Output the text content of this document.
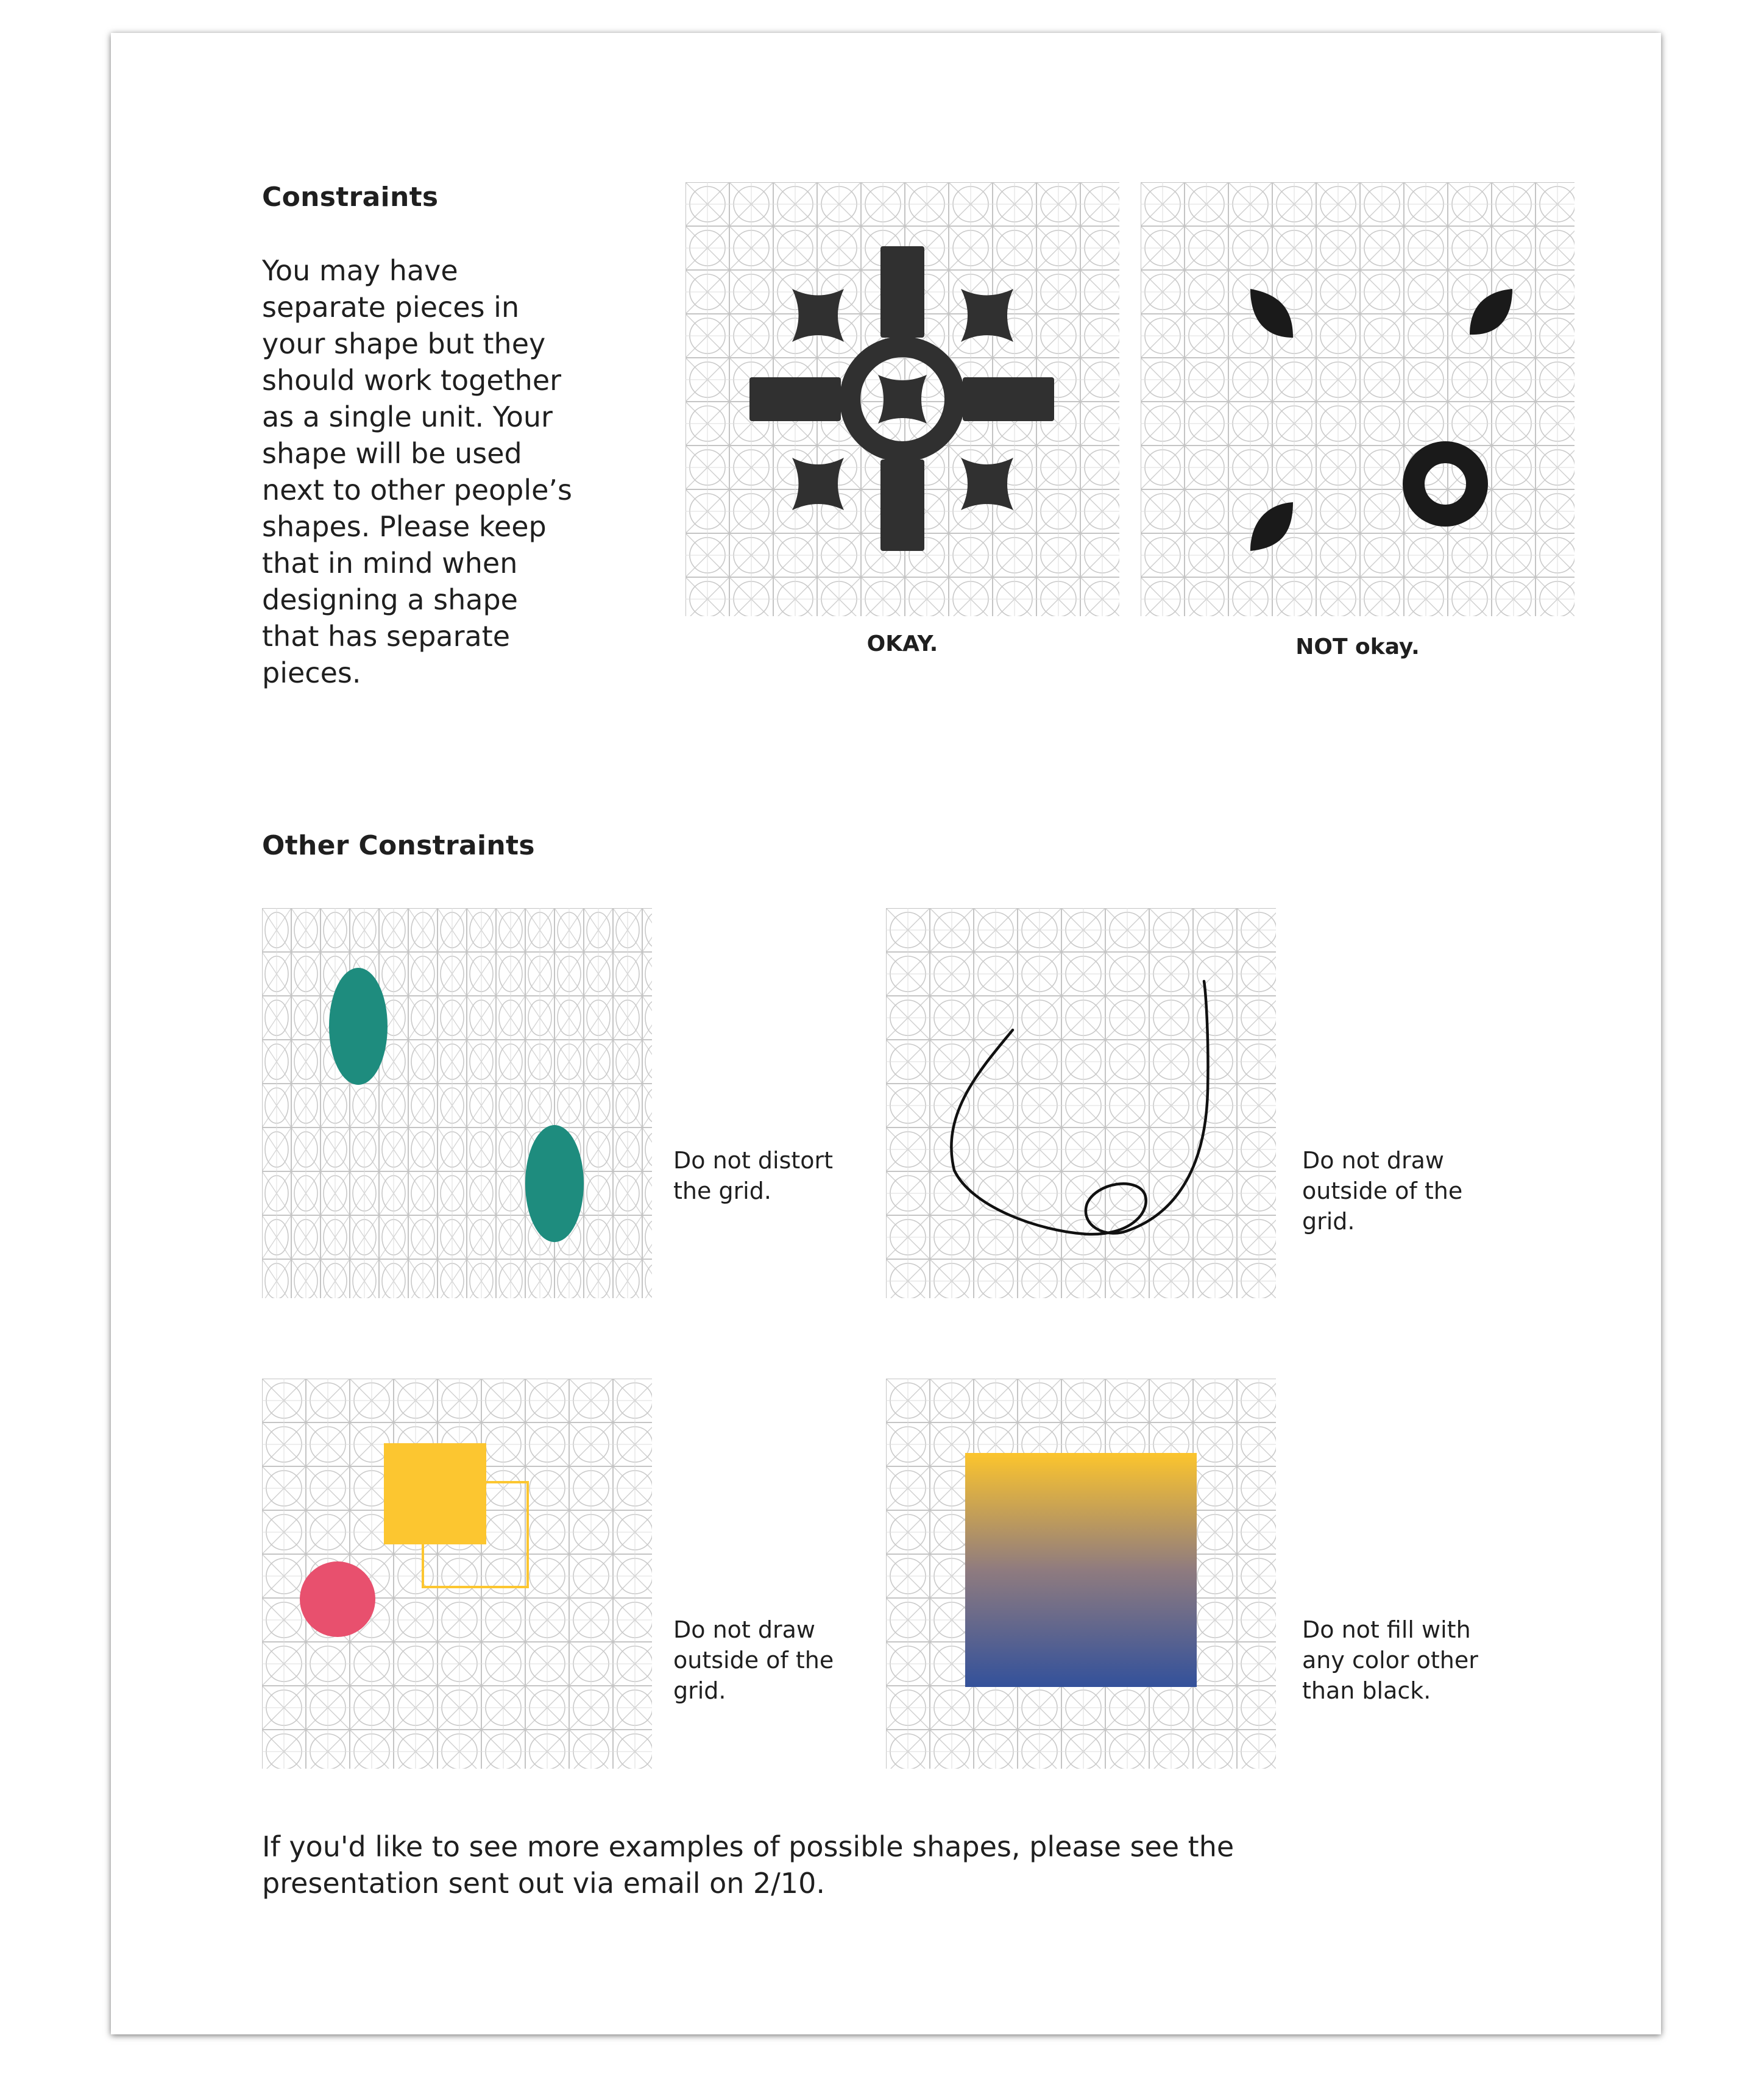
Constraints
You may have separate pieces in your shape but they should work together as a single unit. Your shape will be used next to other people’s shapes. Please keep that in mind when designing a shape that has separate pieces.
OKAY.	NOT okay.
Other Constraints
Do not distort the grid.
Do not draw outside of the grid.
Do not draw outside of the grid.
Do not fill with any color other than black.
If you'd like to see more examples of possible shapes, please see the presentation sent out via email on 2/10.
